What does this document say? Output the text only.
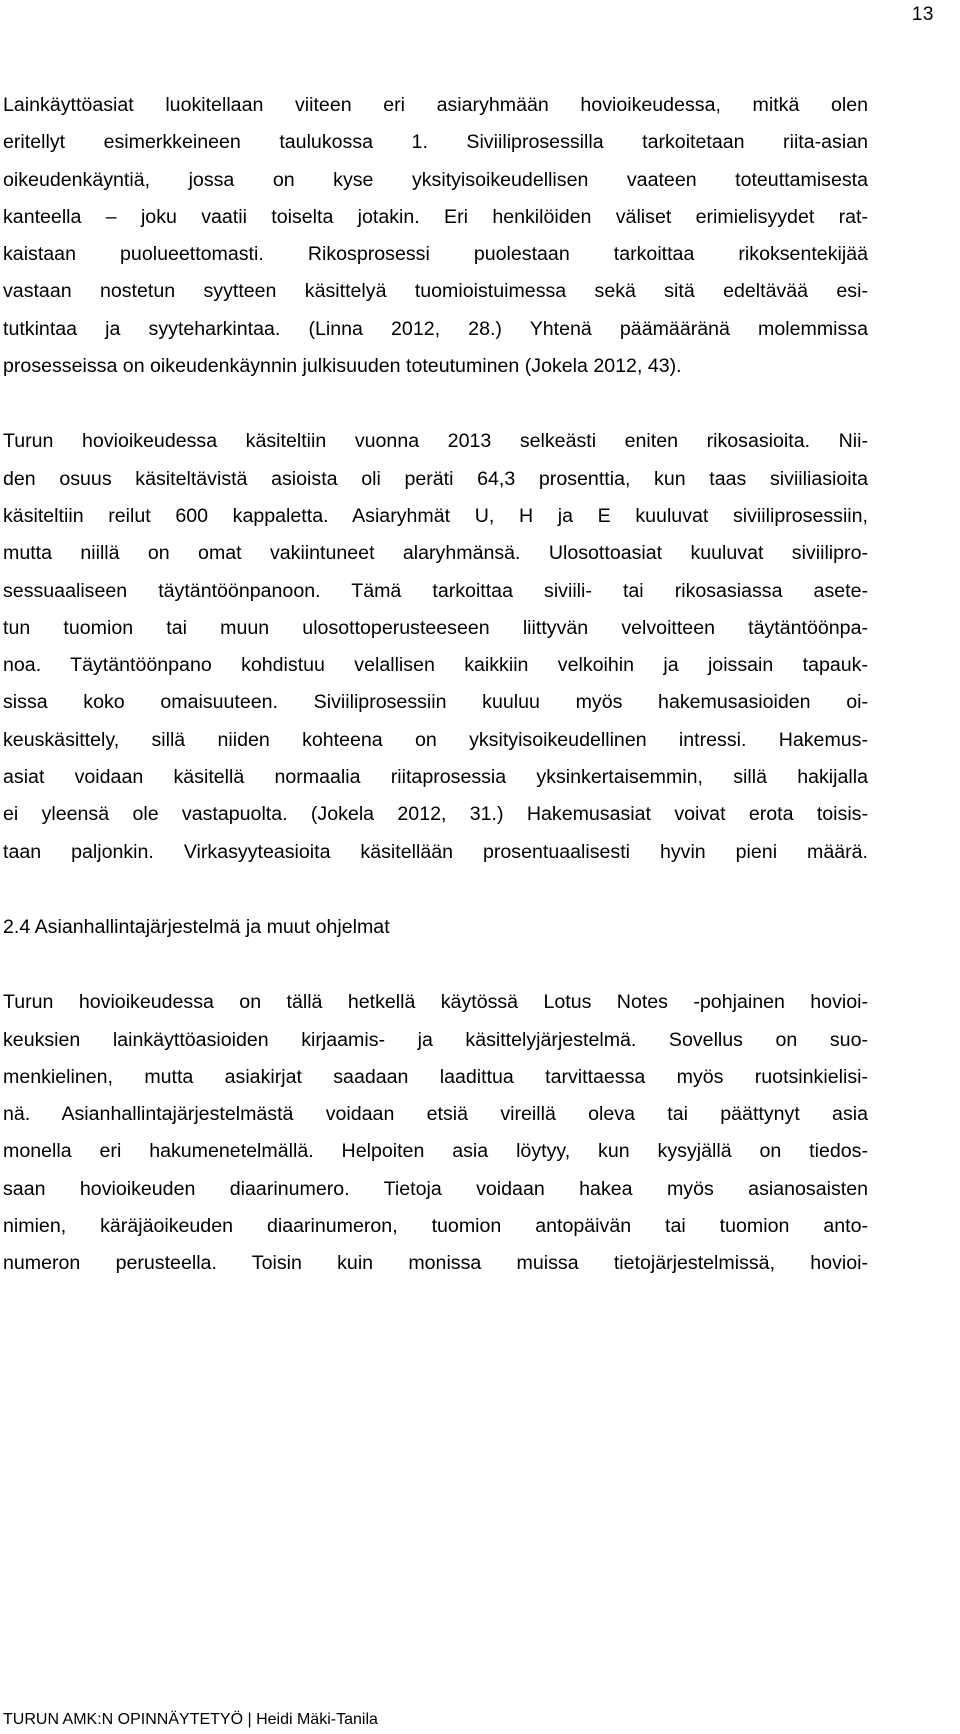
13

Lainkäyttöasiat luokitellaan viiteen eri asiaryhmään hovioikeudessa, mitkä olen
eritellyt esimerkkeineen taulukossa 1. Siviiliprosessilla tarkoitetaan riita-asian
oikeudenkäyntiä, jossa on kyse yksityisoikeudellisen vaateen toteuttamisesta
kanteella – joku vaatii toiselta jotakin. Eri henkilöiden väliset erimielisyydet rat-
kaistaan puolueettomasti. Rikosprosessi puolestaan tarkoittaa rikoksentekijää
vastaan nostetun syytteen käsittelyä tuomioistuimessa sekä sitä edeltävää esi-
tutkintaa ja syyteharkintaa. (Linna 2012, 28.) Yhtenä päämääränä molemmissa
prosesseissa on oikeudenkäynnin julkisuuden toteutuminen (Jokela 2012, 43).

Turun hovioikeudessa käsiteltiin vuonna 2013 selkeästi eniten rikosasioita. Nii-
den osuus käsiteltävistä asioista oli peräti 64,3 prosenttia, kun taas siviiliasioita
käsiteltiin reilut 600 kappaletta. Asiaryhmät U, H ja E kuuluvat siviiliprosessiin,
mutta niillä on omat vakiintuneet alaryhmänsä. Ulosottoasiat kuuluvat siviilipro-
sessuaaliseen täytäntöönpanoon. Tämä tarkoittaa siviili- tai rikosasiassa asete-
tun tuomion tai muun ulosottoperusteeseen liittyvän velvoitteen täytäntöönpa-
noa. Täytäntöönpano kohdistuu velallisen kaikkiin velkoihin ja joissain tapauk-
sissa koko omaisuuteen. Siviiliprosessiin kuuluu myös hakemusasioiden oi-
keuskäsittely, sillä niiden kohteena on yksityisoikeudellinen intressi. Hakemus-
asiat voidaan käsitellä normaalia riitaprosessia yksinkertaisemmin, sillä hakijalla
ei yleensä ole vastapuolta. (Jokela 2012, 31.) Hakemusasiat voivat erota toisis-
taan paljonkin. Virkasyyteasioita käsitellään prosentuaalisesti hyvin pieni määrä.

2.4 Asianhallintajärjestelmä ja muut ohjelmat

Turun hovioikeudessa on tällä hetkellä käytössä Lotus Notes -pohjainen hovioi-
keuksien lainkäyttöasioiden kirjaamis- ja käsittelyjärjestelmä. Sovellus on suo-
menkielinen, mutta asiakirjat saadaan laadittua tarvittaessa myös ruotsinkielisi-
nä. Asianhallintajärjestelmästä voidaan etsiä vireillä oleva tai päättynyt asia
monella eri hakumenetelmällä. Helpoiten asia löytyy, kun kysyjällä on tiedos-
saan hovioikeuden diaarinumero. Tietoja voidaan hakea myös asianosaisten
nimien, käräjäoikeuden diaarinumeron, tuomion antopäivän tai tuomion anto-
numeron perusteella. Toisin kuin monissa muissa tietojärjestelmissä, hovioi-

TURUN AMK:N OPINNÄYTETYÖ | Heidi Mäki-Tanila
